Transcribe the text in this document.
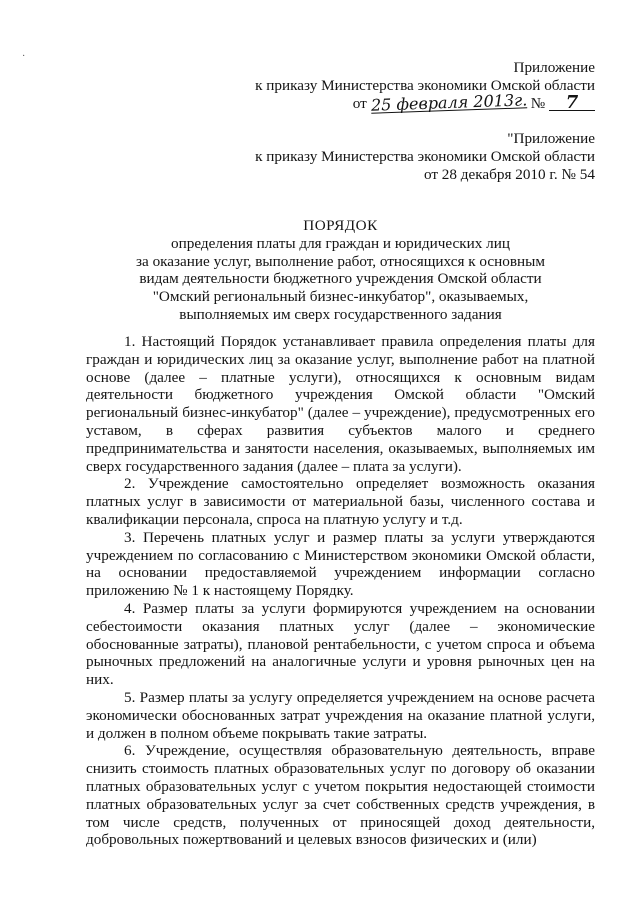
·
Приложение
к приказу Министерства экономики Омской области
от 25 февраля 2013г. № 7
"Приложение
к приказу Министерства экономики Омской области
от 28 декабря 2010 г. № 54
ПОРЯДОК
определения платы для граждан и юридических лиц
за оказание услуг, выполнение работ, относящихся к основным
видам деятельности бюджетного учреждения Омской области
"Омский региональный бизнес-инкубатор", оказываемых,
выполняемых им сверх государственного задания

1. Настоящий Порядок устанавливает правила определения платы для граждан и юридических лиц за оказание услуг, выполнение работ на платной основе (далее – платные услуги), относящихся к основным видам деятельности бюджетного учреждения Омской области "Омский региональный бизнес-инкубатор" (далее – учреждение), предусмотренных его уставом, в сферах развития субъектов малого и среднего предпринимательства и занятости населения, оказываемых, выполняемых им сверх государственного задания (далее – плата за услуги).

2. Учреждение самостоятельно определяет возможность оказания платных услуг в зависимости от материальной базы, численного состава и квалификации персонала, спроса на платную услугу и т.д.

3. Перечень платных услуг и размер платы за услуги утверждаются учреждением по согласованию с Министерством экономики Омской области, на основании предоставляемой учреждением информации согласно приложению № 1 к настоящему Порядку.

4. Размер платы за услуги формируются учреждением на основании себестоимости оказания платных услуг (далее – экономические обоснованные затраты), плановой рентабельности, с учетом спроса и объема рыночных предложений на аналогичные услуги и уровня рыночных цен на них.

5. Размер платы за услугу определяется учреждением на основе расчета экономически обоснованных затрат учреждения на оказание платной услуги, и должен в полном объеме покрывать такие затраты.

6. Учреждение, осуществляя образовательную деятельность, вправе снизить стоимость платных образовательных услуг по договору об оказании платных образовательных услуг с учетом покрытия недостающей стоимости платных образовательных услуг за счет собственных средств учреждения, в том числе средств, полученных от приносящей доход деятельности, добровольных пожертвований и целевых взносов физических и (или)
